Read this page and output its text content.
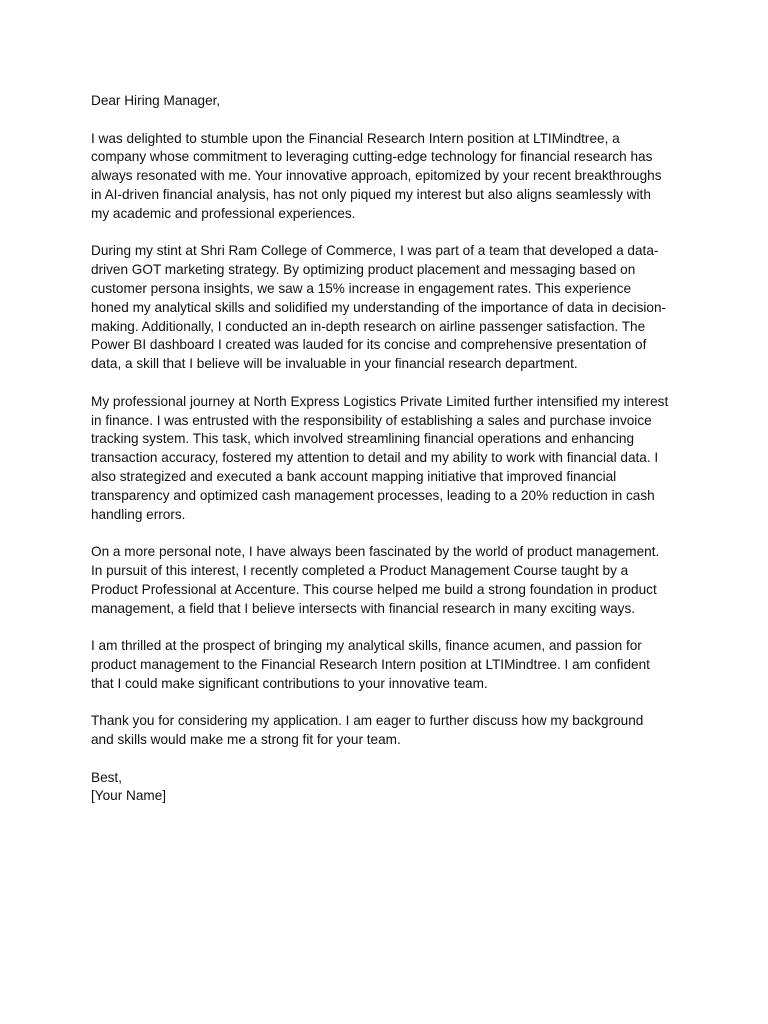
Dear Hiring Manager,

I was delighted to stumble upon the Financial Research Intern position at LTIMindtree, a
company whose commitment to leveraging cutting-edge technology for financial research has
always resonated with me. Your innovative approach, epitomized by your recent breakthroughs
in AI-driven financial analysis, has not only piqued my interest but also aligns seamlessly with
my academic and professional experiences.

During my stint at Shri Ram College of Commerce, I was part of a team that developed a data-
driven GOT marketing strategy. By optimizing product placement and messaging based on
customer persona insights, we saw a 15% increase in engagement rates. This experience
honed my analytical skills and solidified my understanding of the importance of data in decision-
making. Additionally, I conducted an in-depth research on airline passenger satisfaction. The
Power BI dashboard I created was lauded for its concise and comprehensive presentation of
data, a skill that I believe will be invaluable in your financial research department.

My professional journey at North Express Logistics Private Limited further intensified my interest
in finance. I was entrusted with the responsibility of establishing a sales and purchase invoice
tracking system. This task, which involved streamlining financial operations and enhancing
transaction accuracy, fostered my attention to detail and my ability to work with financial data. I
also strategized and executed a bank account mapping initiative that improved financial
transparency and optimized cash management processes, leading to a 20% reduction in cash
handling errors.

On a more personal note, I have always been fascinated by the world of product management.
In pursuit of this interest, I recently completed a Product Management Course taught by a
Product Professional at Accenture. This course helped me build a strong foundation in product
management, a field that I believe intersects with financial research in many exciting ways.

I am thrilled at the prospect of bringing my analytical skills, finance acumen, and passion for
product management to the Financial Research Intern position at LTIMindtree. I am confident
that I could make significant contributions to your innovative team.

Thank you for considering my application. I am eager to further discuss how my background
and skills would make me a strong fit for your team.

Best,

[Your Name]
